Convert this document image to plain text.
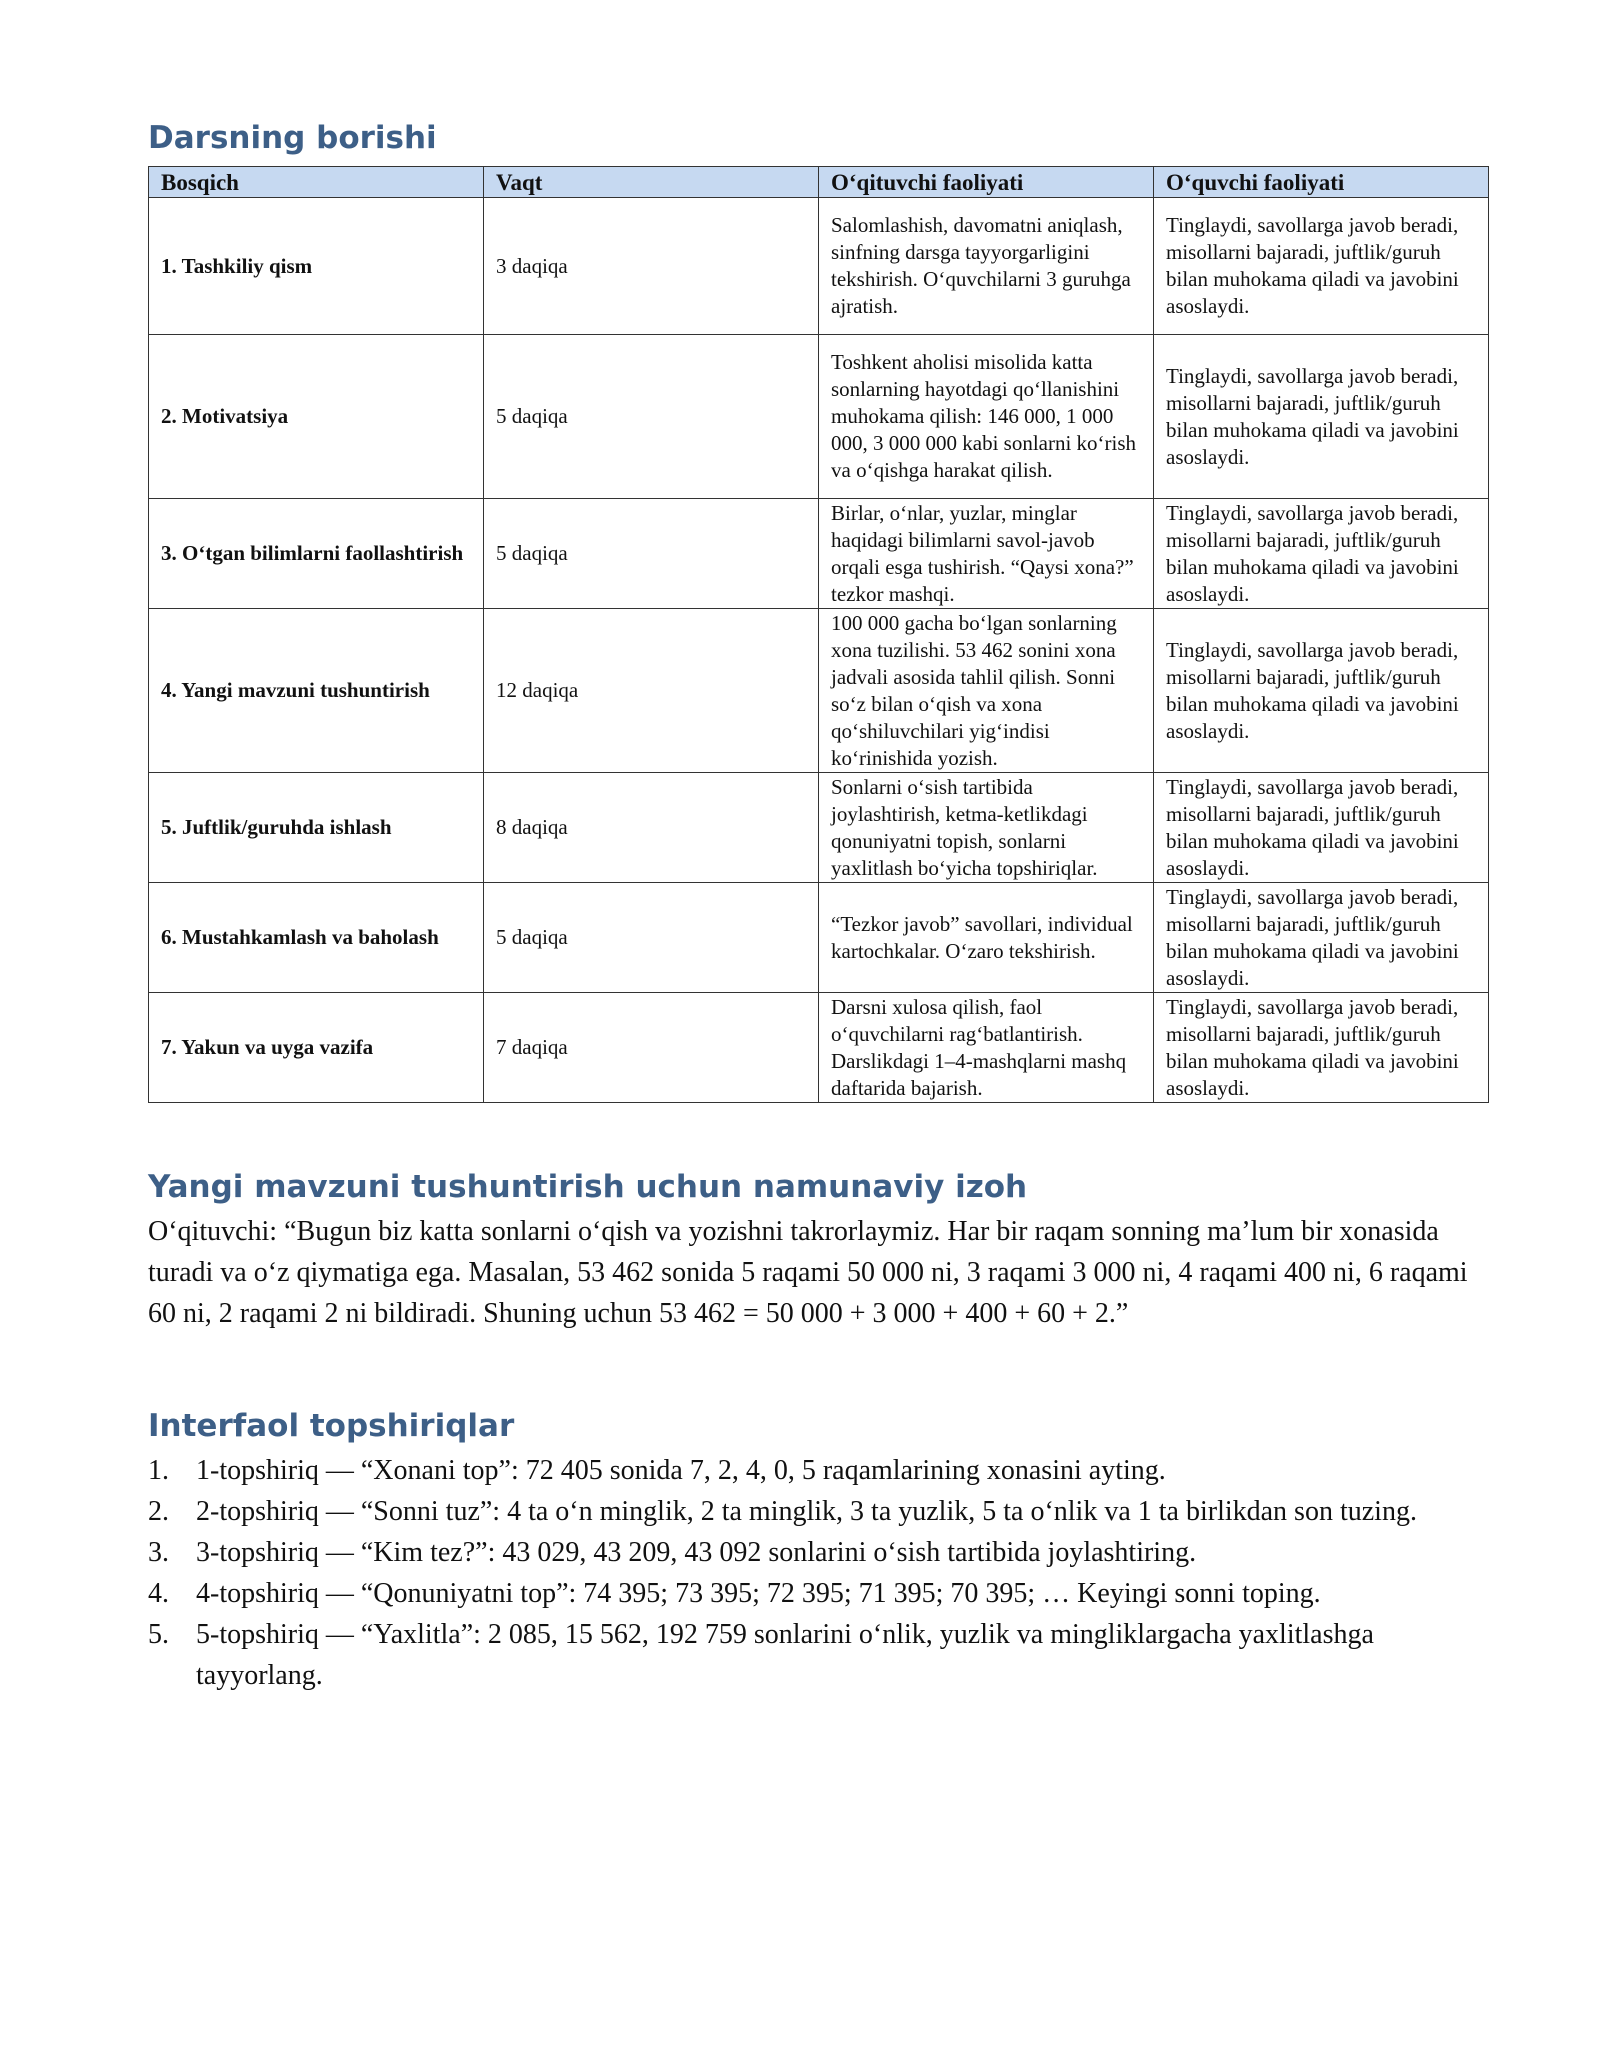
Darsning borishi
Bosqich	Vaqt	O‘qituvchi faoliyati	O‘quvchi faoliyati
1. Tashkiliy qism	3 daqiqa	Salomlashish, davomatni aniqlash, sinfning darsga tayyorgarligini tekshirish. O‘quvchilarni 3 guruhga ajratish.	Tinglaydi, savollarga javob beradi, misollarni bajaradi, juftlik/guruh bilan muhokama qiladi va javobini asoslaydi.
2. Motivatsiya	5 daqiqa	Toshkent aholisi misolida katta sonlarning hayotdagi qo‘llanishini muhokama qilish: 146 000, 1 000 000, 3 000 000 kabi sonlarni ko‘rish va o‘qishga harakat qilish.	Tinglaydi, savollarga javob beradi, misollarni bajaradi, juftlik/guruh bilan muhokama qiladi va javobini asoslaydi.
3. O‘tgan bilimlarni faollashtirish	5 daqiqa	Birlar, o‘nlar, yuzlar, minglar haqidagi bilimlarni savol-javob orqali esga tushirish. “Qaysi xona?” tezkor mashqi.	Tinglaydi, savollarga javob beradi, misollarni bajaradi, juftlik/guruh bilan muhokama qiladi va javobini asoslaydi.
4. Yangi mavzuni tushuntirish	12 daqiqa	100 000 gacha bo‘lgan sonlarning xona tuzilishi. 53 462 sonini xona jadvali asosida tahlil qilish. Sonni so‘z bilan o‘qish va xona qo‘shiluvchilari yig‘indisi ko‘rinishida yozish.	Tinglaydi, savollarga javob beradi, misollarni bajaradi, juftlik/guruh bilan muhokama qiladi va javobini asoslaydi.
5. Juftlik/guruhda ishlash	8 daqiqa	Sonlarni o‘sish tartibida joylashtirish, ketma-ketlikdagi qonuniyatni topish, sonlarni yaxlitlash bo‘yicha topshiriqlar.	Tinglaydi, savollarga javob beradi, misollarni bajaradi, juftlik/guruh bilan muhokama qiladi va javobini asoslaydi.
6. Mustahkamlash va baholash	5 daqiqa	“Tezkor javob” savollari, individual kartochkalar. O‘zaro tekshirish.	Tinglaydi, savollarga javob beradi, misollarni bajaradi, juftlik/guruh bilan muhokama qiladi va javobini asoslaydi.
7. Yakun va uyga vazifa	7 daqiqa	Darsni xulosa qilish, faol o‘quvchilarni rag‘batlantirish. Darslikdagi 1–4-mashqlarni mashq daftarida bajarish.	Tinglaydi, savollarga javob beradi, misollarni bajaradi, juftlik/guruh bilan muhokama qiladi va javobini asoslaydi.
Yangi mavzuni tushuntirish uchun namunaviy izoh

O‘qituvchi: “Bugun biz katta sonlarni o‘qish va yozishni takrorlaymiz. Har bir raqam sonning ma’lum bir xonasida turadi va o‘z qiymatiga ega. Masalan, 53 462 sonida 5 raqami 50 000 ni, 3 raqami 3 000 ni, 4 raqami 400 ni, 6 raqami 60 ni, 2 raqami 2 ni bildiradi. Shuning uchun 53 462 = 50 000 + 3 000 + 400 + 60 + 2.”

Interfaol topshiriqlar
1. 1-topshiriq — “Xonani top”: 72 405 sonida 7, 2, 4, 0, 5 raqamlarining xonasini ayting.
2. 2-topshiriq — “Sonni tuz”: 4 ta o‘n minglik, 2 ta minglik, 3 ta yuzlik, 5 ta o‘nlik va 1 ta birlikdan son tuzing.
3. 3-topshiriq — “Kim tez?”: 43 029, 43 209, 43 092 sonlarini o‘sish tartibida joylashtiring.
4. 4-topshiriq — “Qonuniyatni top”: 74 395; 73 395; 72 395; 71 395; 70 395; … Keyingi sonni toping.
5. 5-topshiriq — “Yaxlitla”: 2 085, 15 562, 192 759 sonlarini o‘nlik, yuzlik va mingliklargacha yaxlitlashga tayyorlang.
